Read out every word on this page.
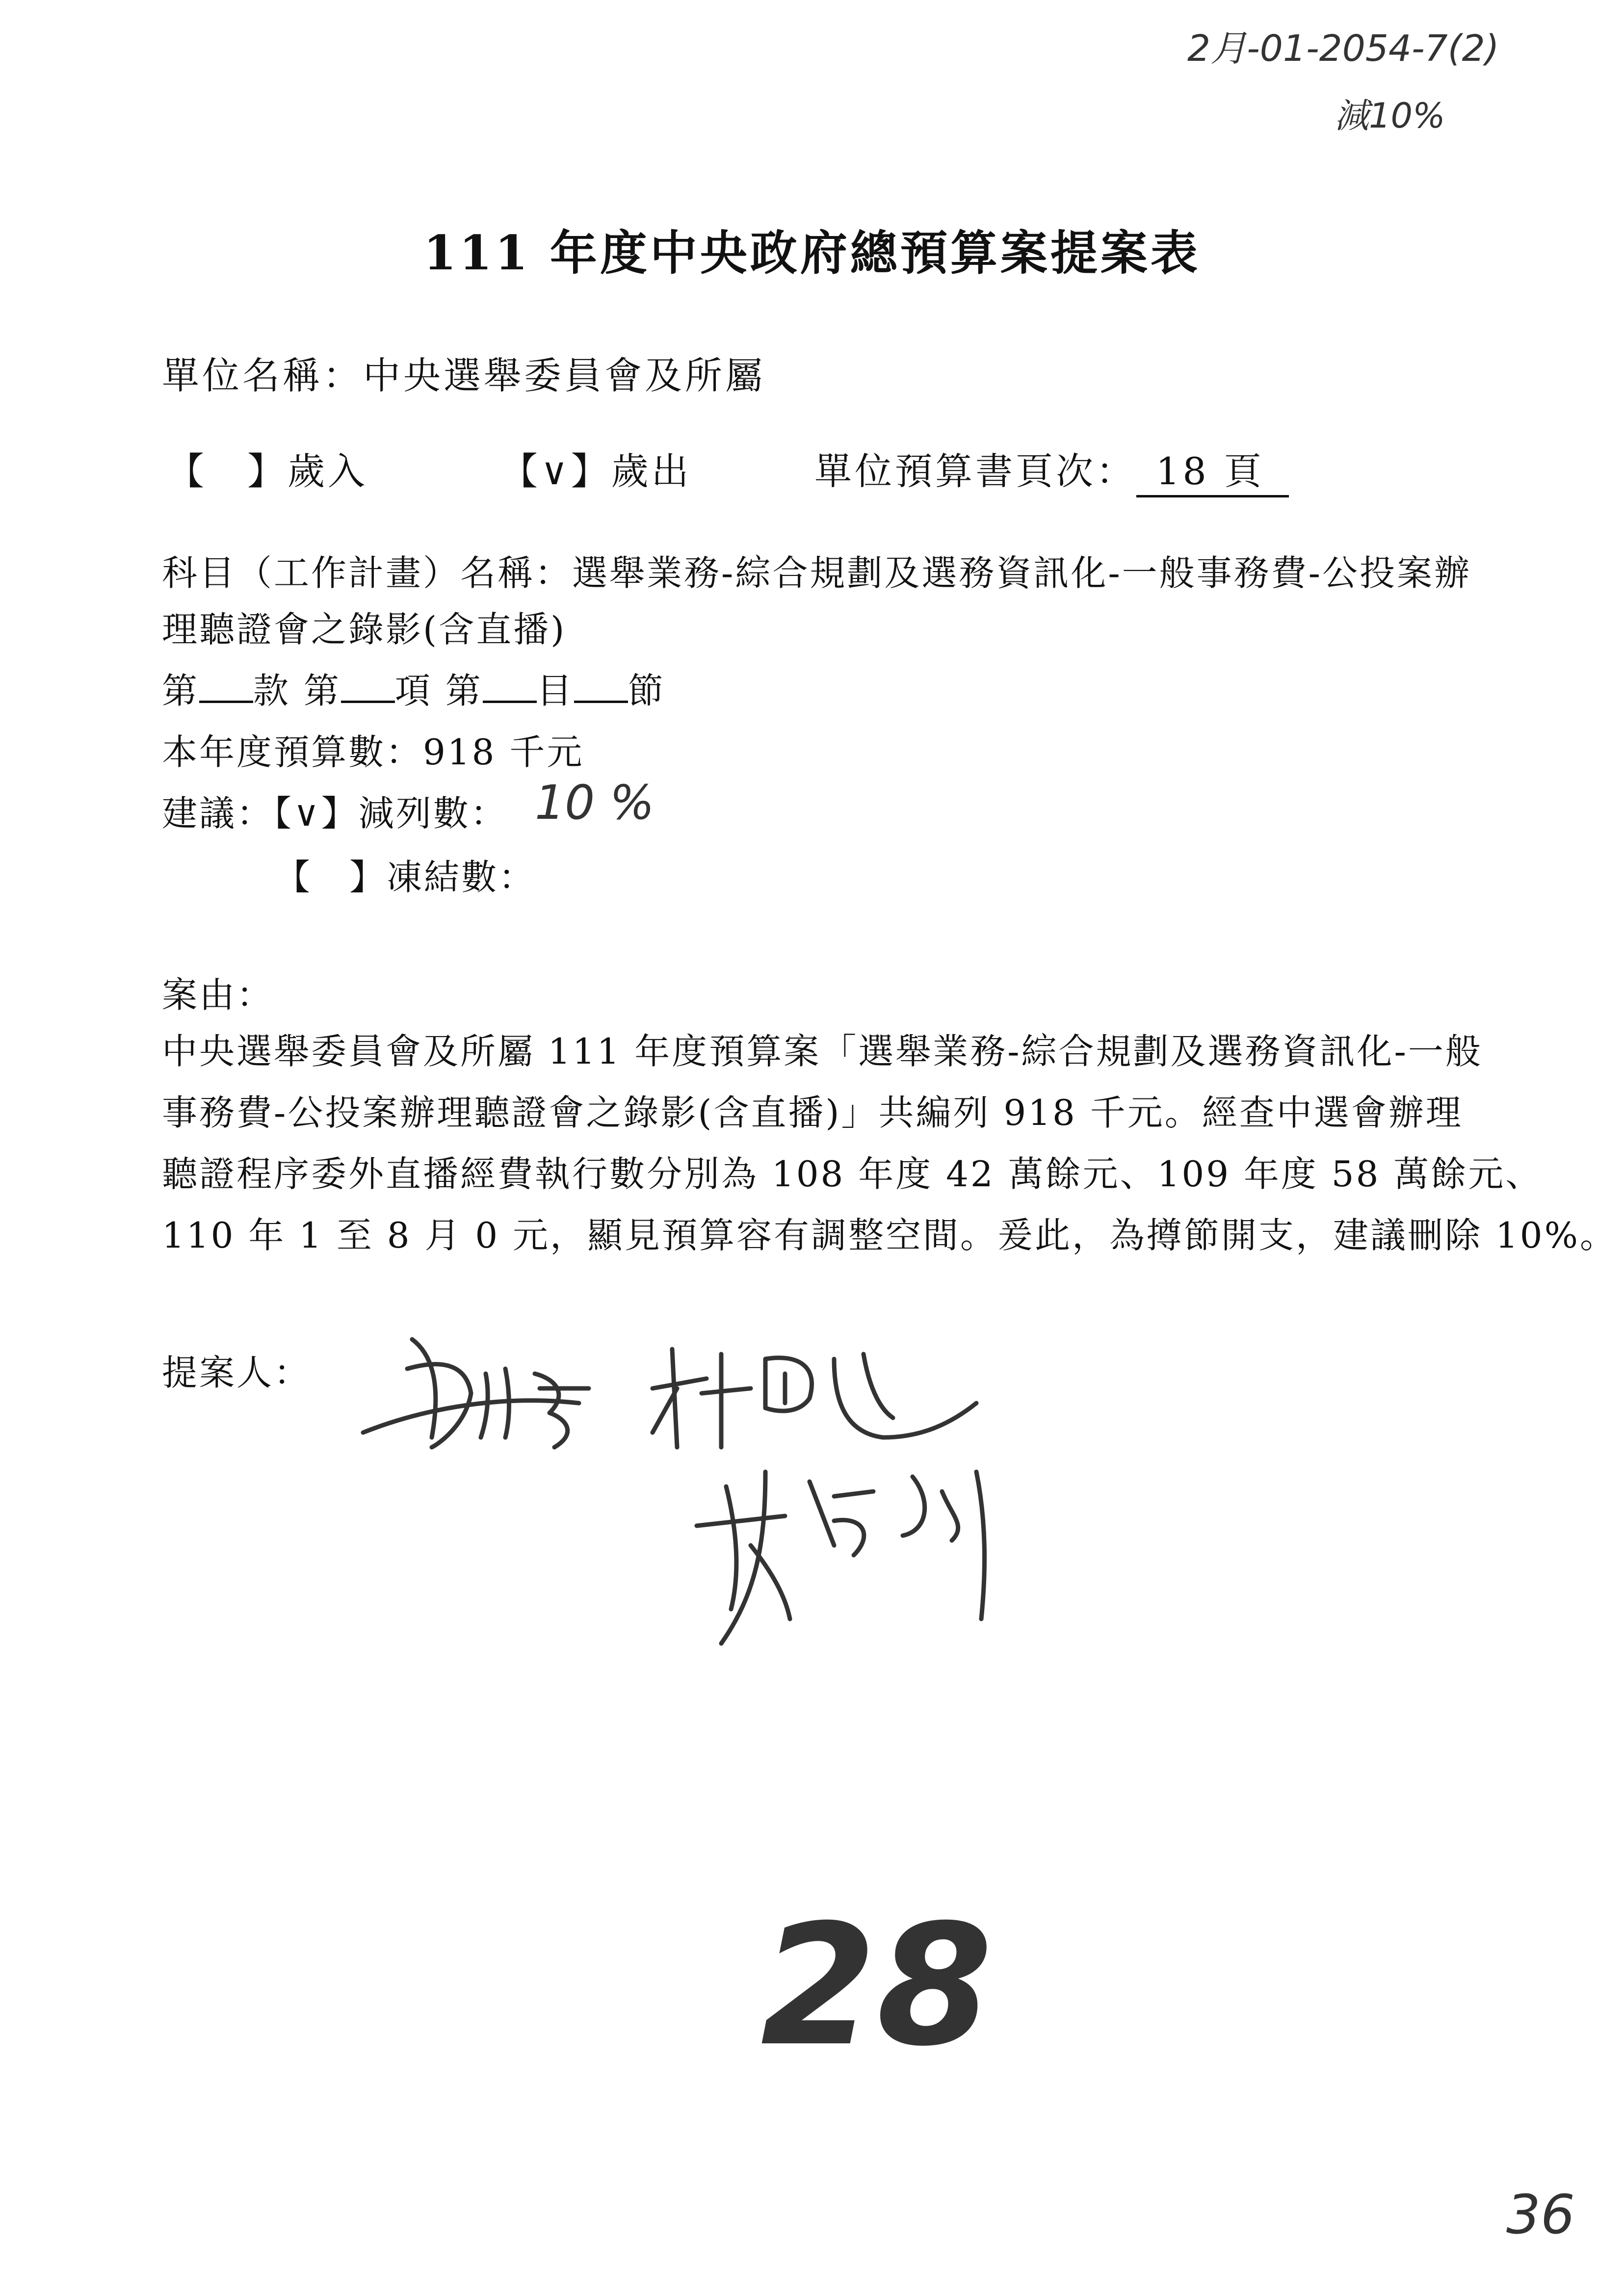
2月-01-2054-7(2)
減10%
111 年度中央政府總預算案提案表
單位名稱：中央選舉委員會及所屬
【　】歲入	【∨】歲出	單位預算書頁次： 18 頁
科目（工作計畫）名稱：選舉業務-綜合規劃及選務資訊化-一般事務費-公投案辦
理聽證會之錄影(含直播)
第 款 第 項 第 目 節
本年度預算數：918 千元
建議：【∨】減列數： 10 %
【　】凍結數：
案由：
中央選舉委員會及所屬 111 年度預算案「選舉業務-綜合規劃及選務資訊化-一般
事務費-公投案辦理聽證會之錄影(含直播)」共編列 918 千元。經查中選會辦理
聽證程序委外直播經費執行數分別為 108 年度 42 萬餘元、109 年度 58 萬餘元、
110 年 1 至 8 月 0 元，顯見預算容有調整空間。爰此，為撙節開支，建議刪除 10%。
提案人：
28
36
